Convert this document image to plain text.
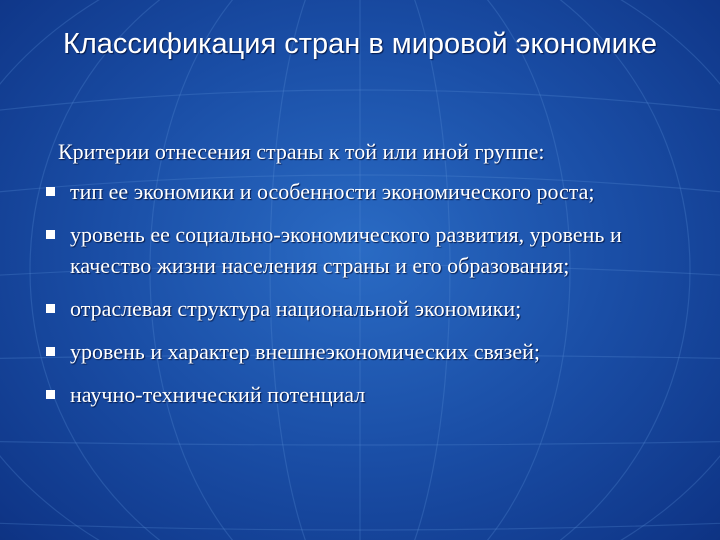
Классификация стран в мировой экономике
Критерии отнесения страны к той или иной группе:
тип ее экономики и особенности экономического роста;
уровень ее социально-экономического развития, уровень и качество жизни населения страны и его образования;
отраслевая структура национальной экономики;
уровень и характер внешнеэкономических связей;
научно-технический потенциал
